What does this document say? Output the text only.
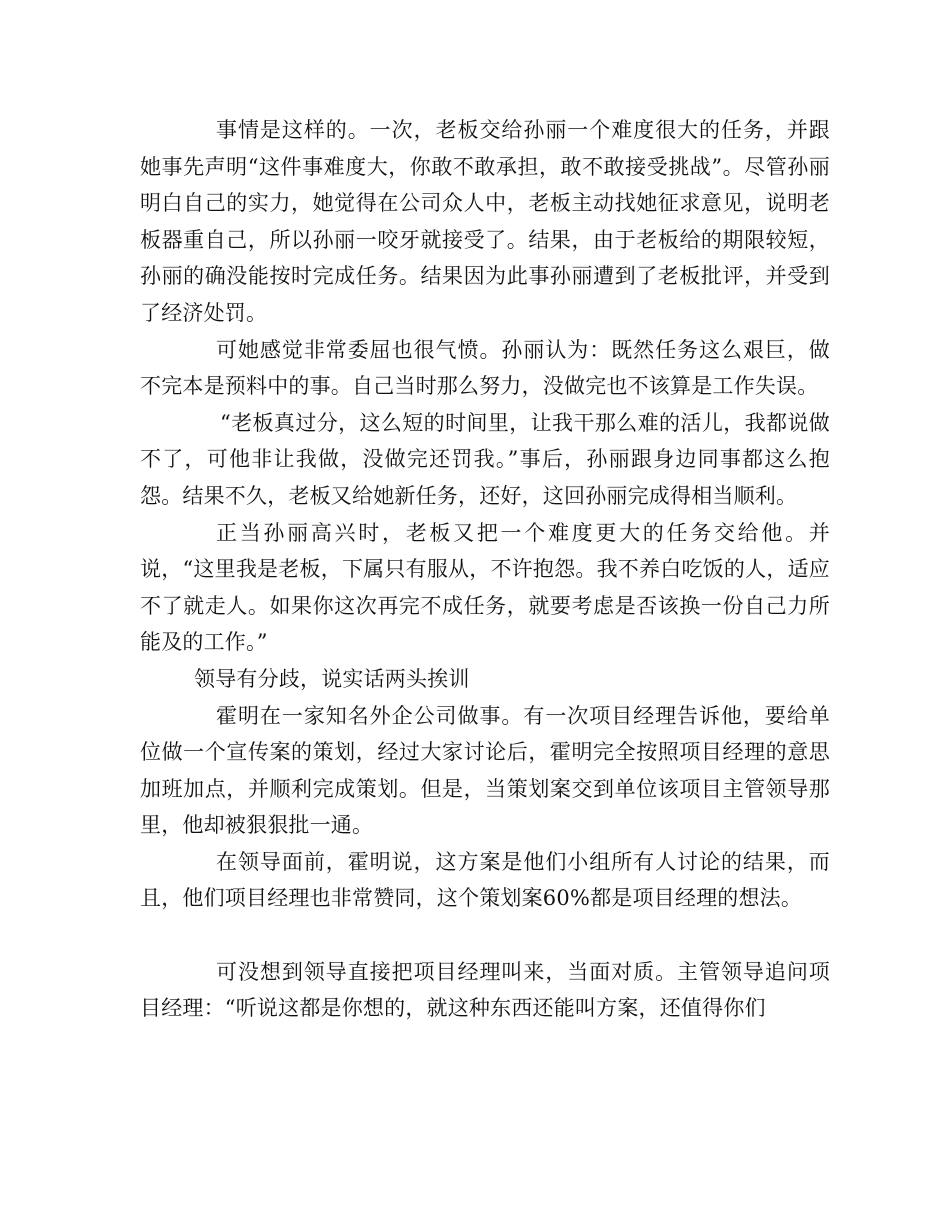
事情是这样的。一次，老板交给孙丽一个难度很大的任务，并跟她事先声明“这件事难度大，你敢不敢承担，敢不敢接受挑战”。尽管孙丽明白自己的实力，她觉得在公司众人中，老板主动找她征求意见，说明老板器重自己，所以孙丽一咬牙就接受了。结果，由于老板给的期限较短，孙丽的确没能按时完成任务。结果因为此事孙丽遭到了老板批评，并受到了经济处罚。

可她感觉非常委屈也很气愤。孙丽认为：既然任务这么艰巨，做不完本是预料中的事。自己当时那么努力，没做完也不该算是工作失误。

“老板真过分，这么短的时间里，让我干那么难的活儿，我都说做不了，可他非让我做，没做完还罚我。”事后，孙丽跟身边同事都这么抱怨。结果不久，老板又给她新任务，还好，这回孙丽完成得相当顺利。

正当孙丽高兴时，老板又把一个难度更大的任务交给他。并说，“这里我是老板，下属只有服从，不许抱怨。我不养白吃饭的人，适应不了就走人。如果你这次再完不成任务，就要考虑是否该换一份自己力所能及的工作。”

领导有分歧，说实话两头挨训

霍明在一家知名外企公司做事。有一次项目经理告诉他，要给单位做一个宣传案的策划，经过大家讨论后，霍明完全按照项目经理的意思加班加点，并顺利完成策划。但是，当策划案交到单位该项目主管领导那里，他却被狠狠批一通。

在领导面前，霍明说，这方案是他们小组所有人讨论的结果，而且，他们项目经理也非常赞同，这个策划案60%都是项目经理的想法。

可没想到领导直接把项目经理叫来，当面对质。主管领导追问项目经理：“听说这都是你想的，就这种东西还能叫方案，还值得你们
